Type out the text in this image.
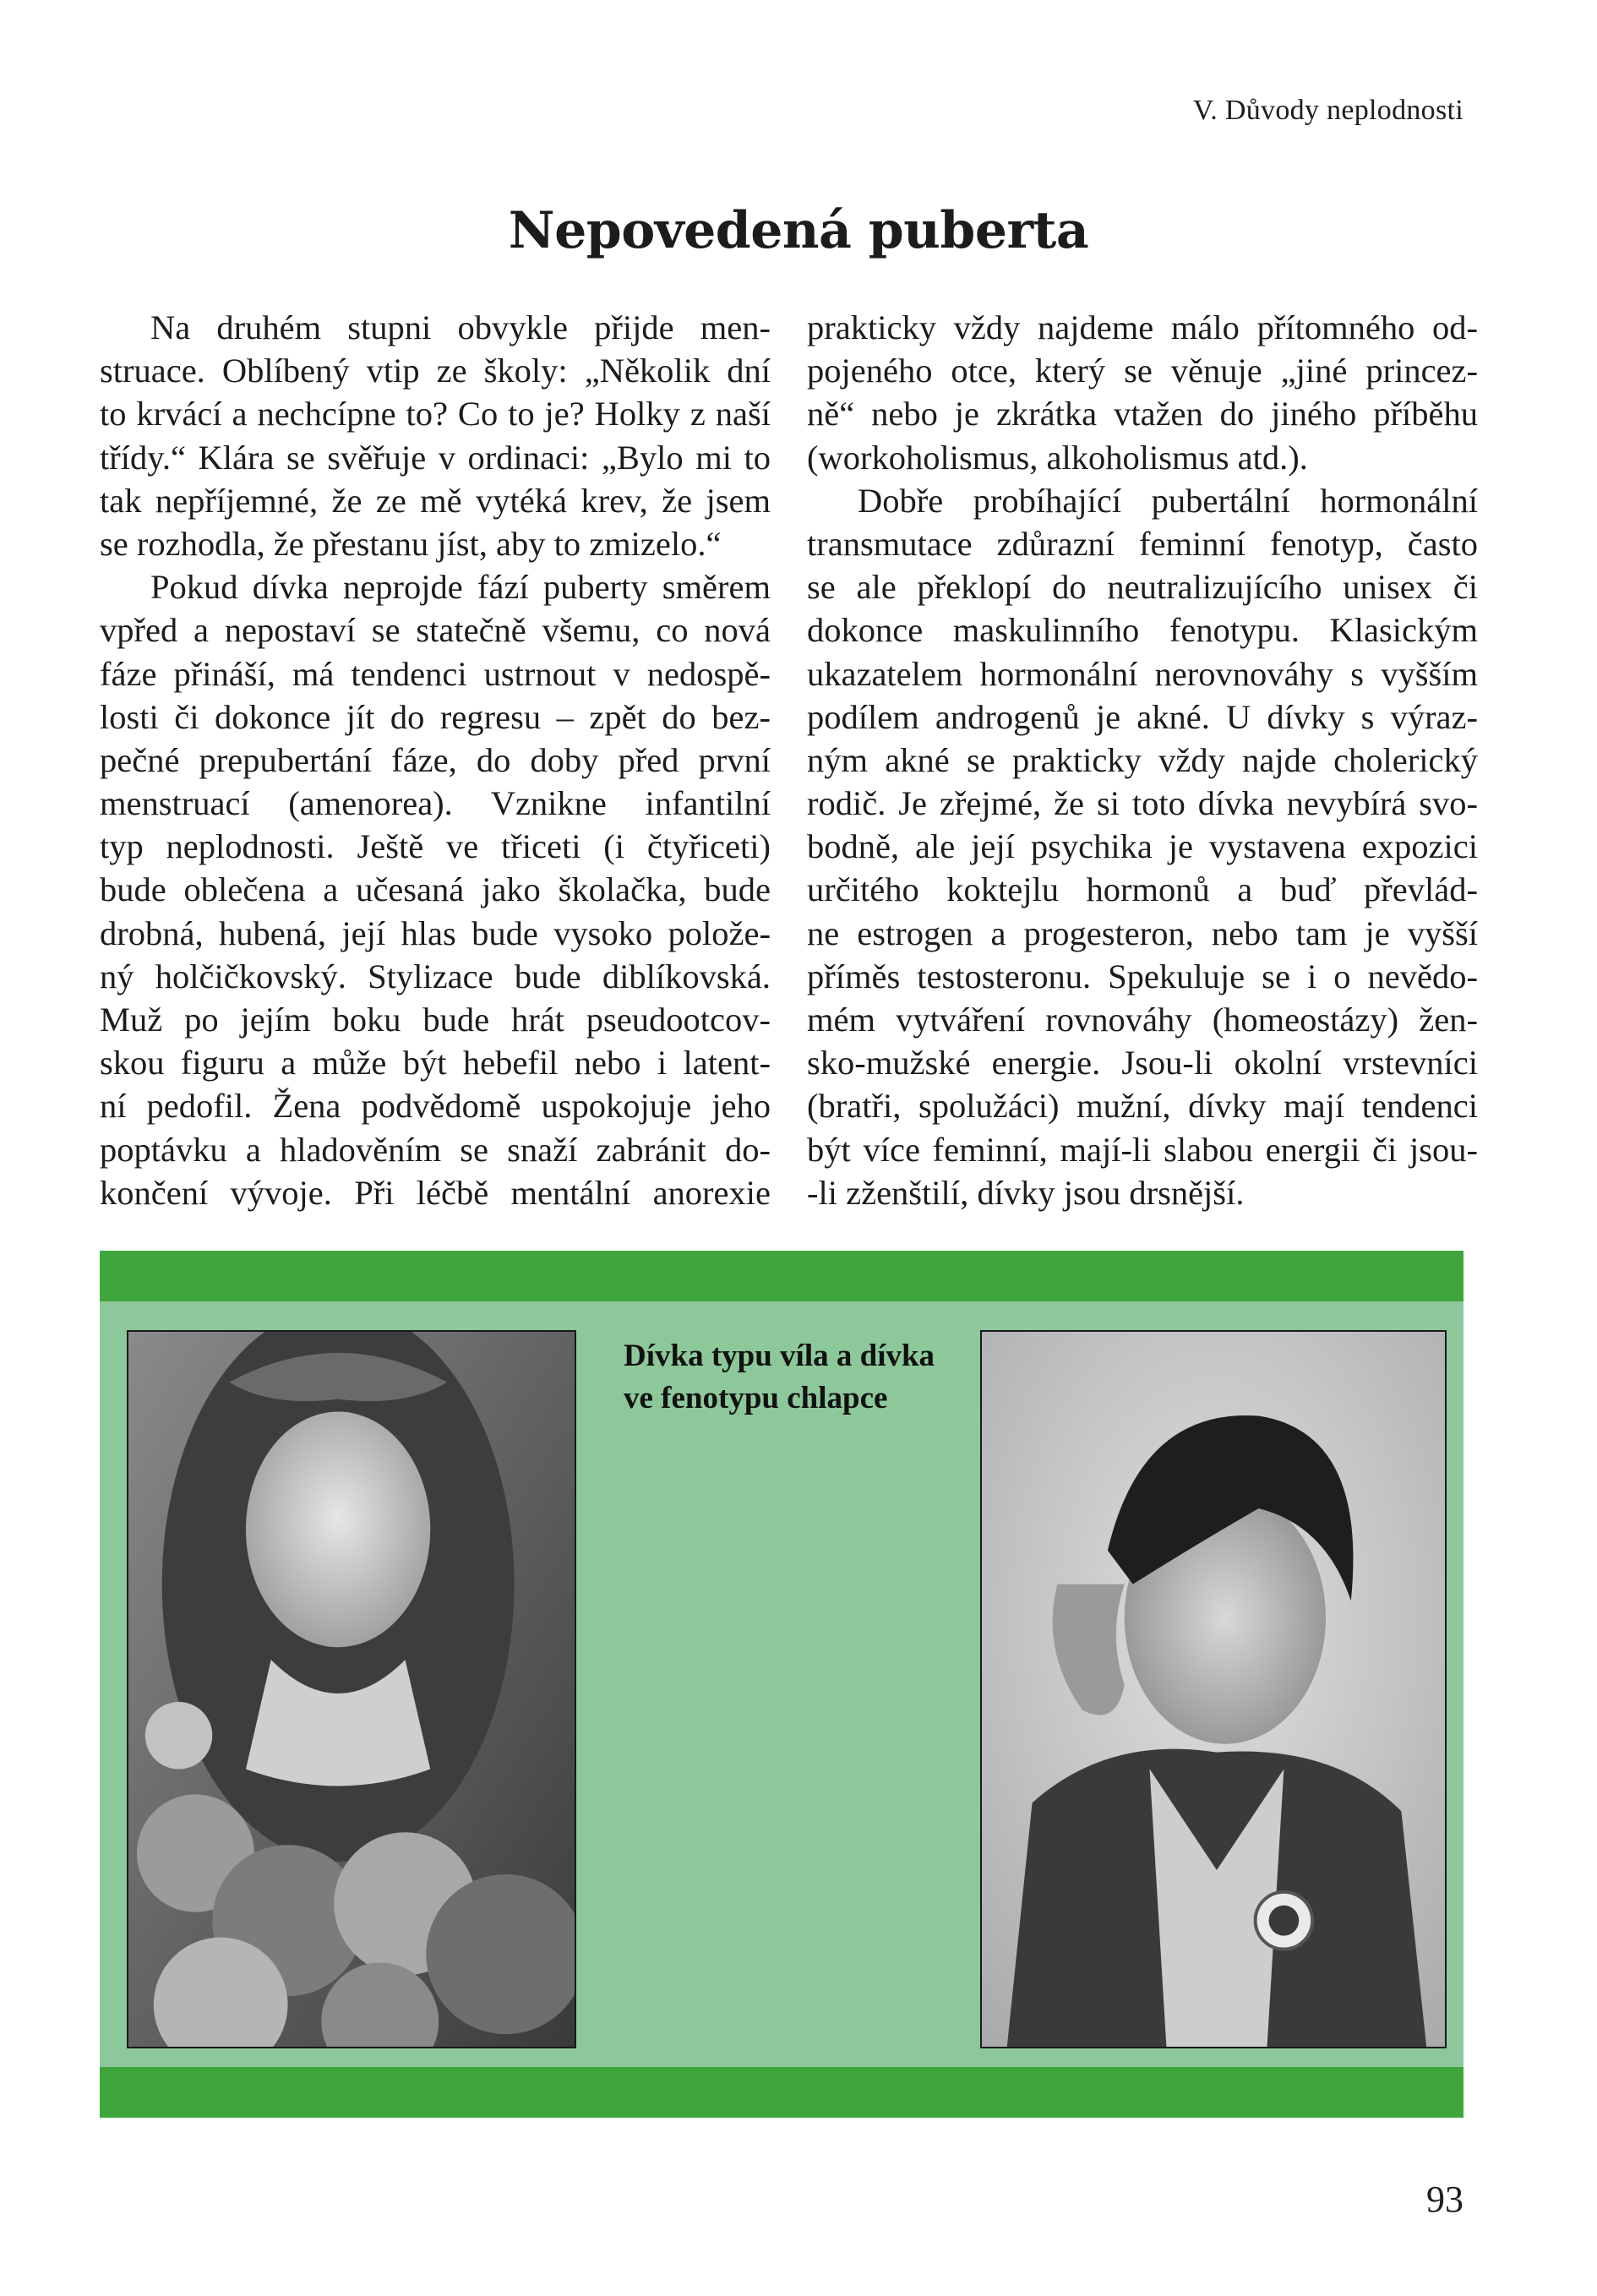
V. Důvody neplodnosti
Nepovedená puberta
Na druhém stupni obvykle přijde men-
struace. Oblíbený vtip ze školy: „Několik dní
to krvácí a nechcípne to? Co to je? Holky z naší
třídy.“ Klára se svěřuje v ordinaci: „Bylo mi to
tak nepříjemné, že ze mě vytéká krev, že jsem
se rozhodla, že přestanu jíst, aby to zmizelo.“
Pokud dívka neprojde fází puberty směrem
vpřed a nepostaví se statečně všemu, co nová
fáze přináší, má tendenci ustrnout v nedospě-
losti či dokonce jít do regresu – zpět do bez-
pečné prepubertání fáze, do doby před první
menstruací (amenorea). Vznikne infantilní
typ neplodnosti. Ještě ve třiceti (i čtyřiceti)
bude oblečena a učesaná jako školačka, bude
drobná, hubená, její hlas bude vysoko polože-
ný holčičkovský. Stylizace bude diblíkovská.
Muž po jejím boku bude hrát pseudootcov-
skou figuru a může být hebefil nebo i latent-
ní pedofil. Žena podvědomě uspokojuje jeho
poptávku a hladověním se snaží zabránit do-
končení vývoje. Při léčbě mentální anorexie
prakticky vždy najdeme málo přítomného od-
pojeného otce, který se věnuje „jiné princez-
ně“ nebo je zkrátka vtažen do jiného příběhu
(workoholismus, alkoholismus atd.).
Dobře probíhající pubertální hormonální
transmutace zdůrazní feminní fenotyp, často
se ale překlopí do neutralizujícího unisex či
dokonce maskulinního fenotypu. Klasickým
ukazatelem hormonální nerovnováhy s vyšším
podílem androgenů je akné. U dívky s výraz-
ným akné se prakticky vždy najde cholerický
rodič. Je zřejmé, že si toto dívka nevybírá svo-
bodně, ale její psychika je vystavena expozici
určitého koktejlu hormonů a buď převlád-
ne estrogen a progesteron, nebo tam je vyšší
příměs testosteronu. Spekuluje se i o nevědo-
mém vytváření rovnováhy (homeostázy) žen-
sko-mužské energie. Jsou-li okolní vrstevníci
(bratři, spolužáci) mužní, dívky mají tendenci
být více feminní, mají-li slabou energii či jsou-
-li zženštilí, dívky jsou drsnější.
Dívka typu víla a dívka
ve fenotypu chlapce
93
